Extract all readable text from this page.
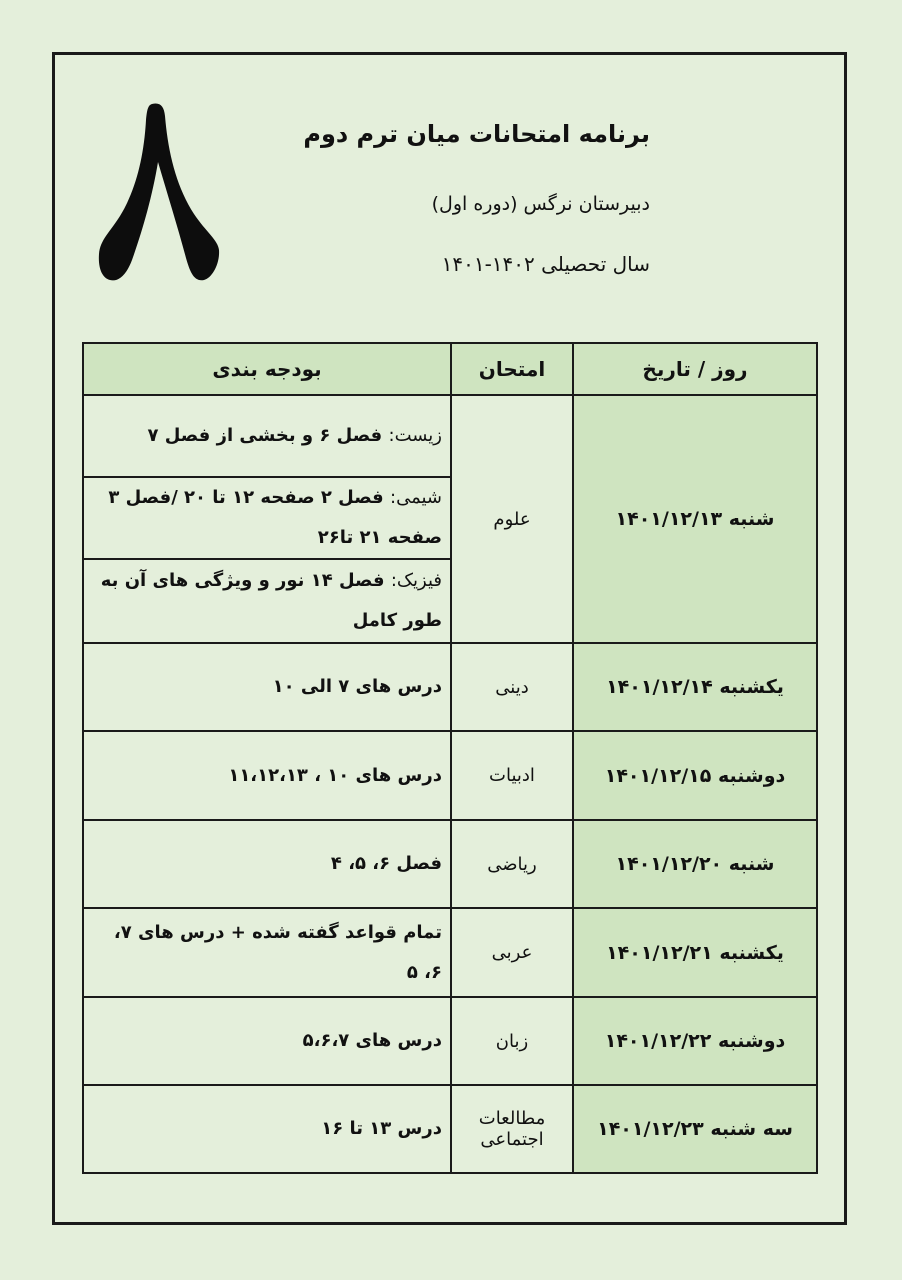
برنامه امتحانات میان ترم دوم
دبیرستان نرگس (دوره اول)
سال تحصیلی ۱۴۰۲-۱۴۰۱
روز / تاریخ	امتحان	بودجه بندی
شنبه ۱۴۰۱/۱۲/۱۳	علوم	زیست: فصل ۶ و بخشی از فصل ۷
		شیمی: فصل ۲ صفحه ۱۲ تا ۲۰ /فصل ۳ صفحه ۲۱ تا۲۶
		فیزیک: فصل ۱۴ نور و ویژگی های آن به طور کامل
یکشنبه ۱۴۰۱/۱۲/۱۴	دینی	درس های ۷ الی ۱۰
دوشنبه ۱۴۰۱/۱۲/۱۵	ادبیات	درس های ۱۰ ، ۱۱،۱۲،۱۳
شنبه ۱۴۰۱/۱۲/۲۰	ریاضی	فصل ۶، ۵، ۴
یکشنبه ۱۴۰۱/۱۲/۲۱	عربی	تمام قواعد گفته شده + درس های ۷، ۶، ۵
دوشنبه ۱۴۰۱/۱۲/۲۲	زبان	درس های ۵،۶،۷
سه شنبه ۱۴۰۱/۱۲/۲۳	مطالعات اجتماعی	درس ۱۳ تا ۱۶
